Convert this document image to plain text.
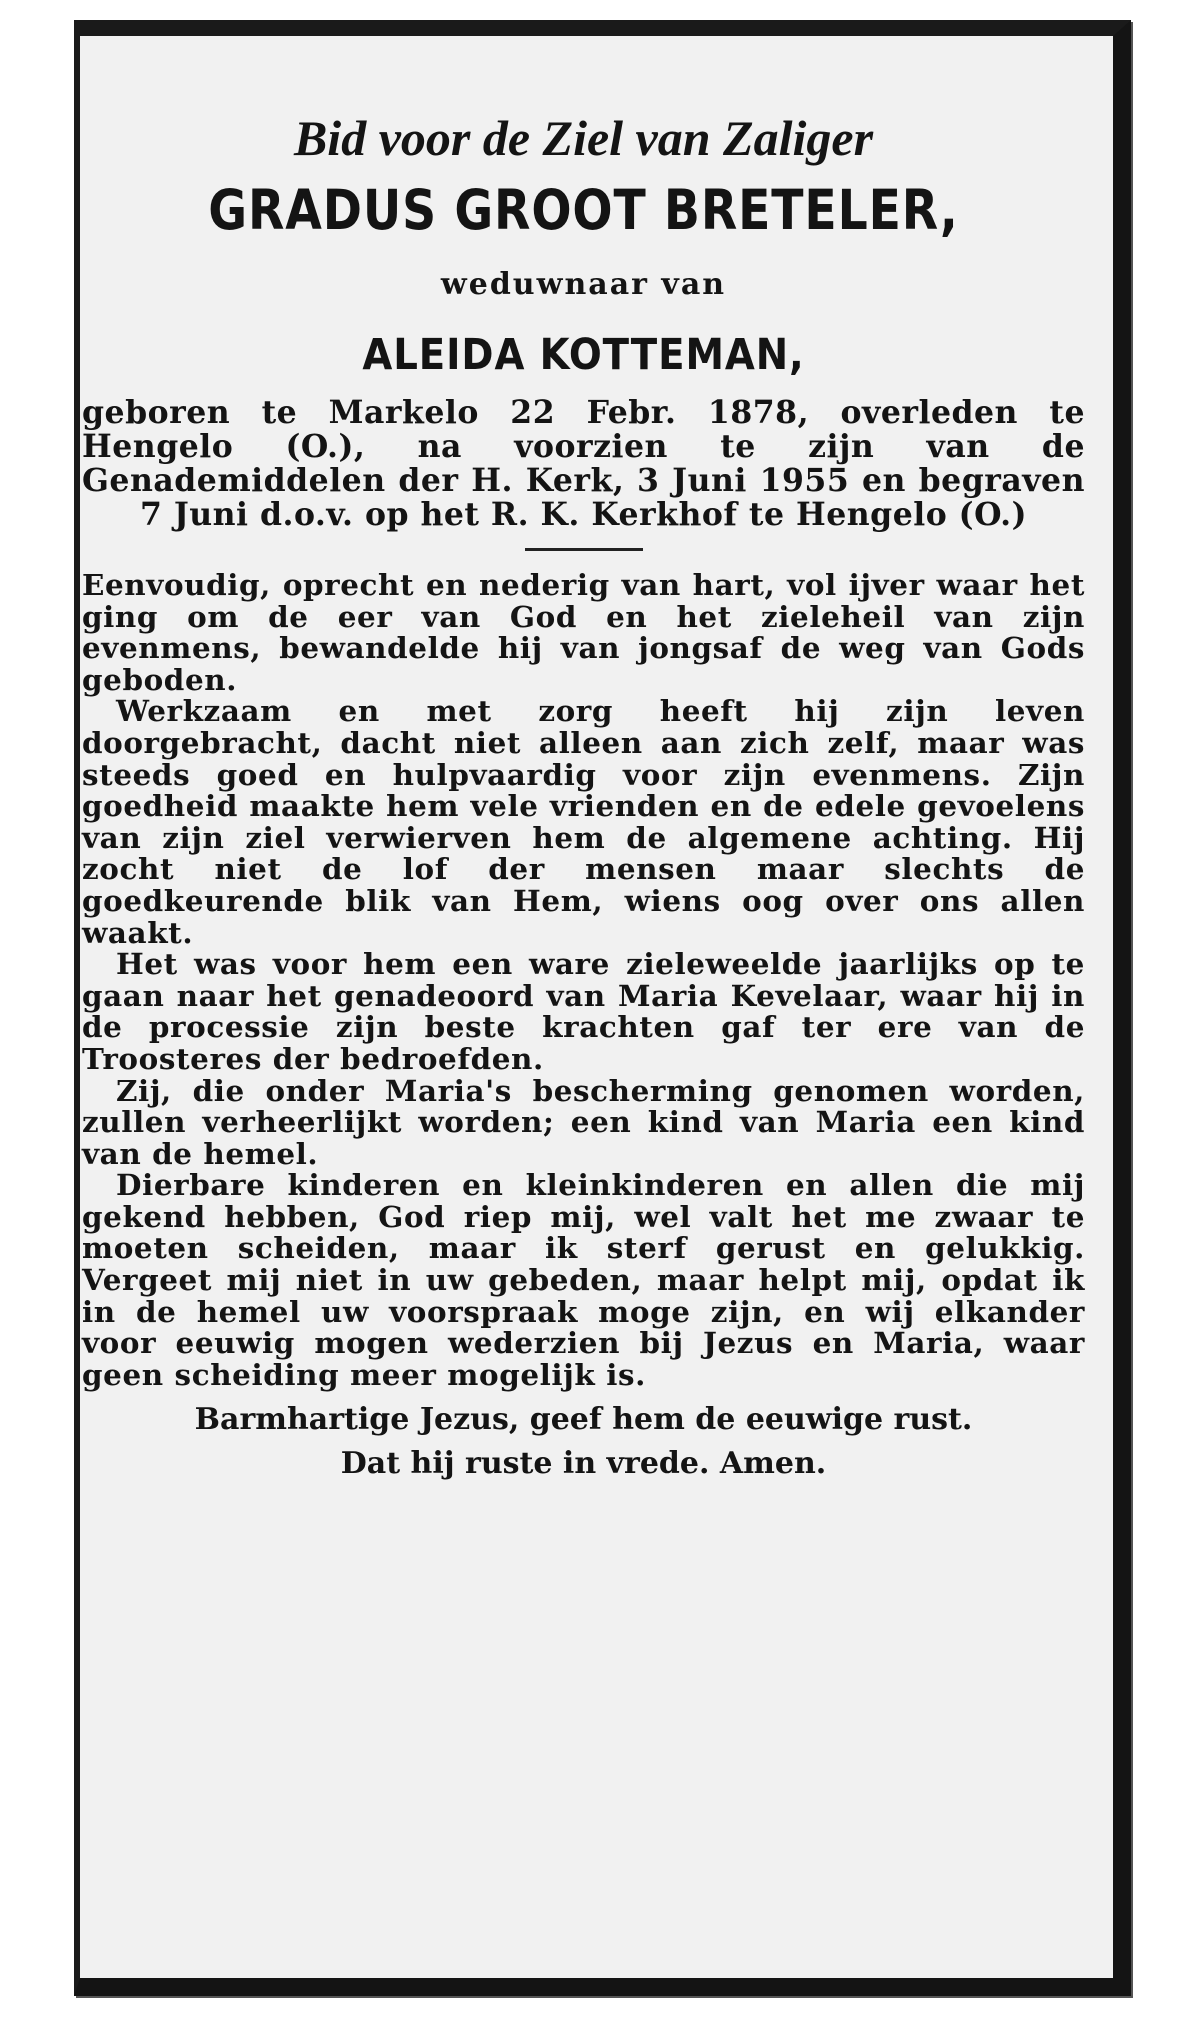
Bid voor de Ziel van Zaliger

GRADUS GROOT BRETELER,

weduwnaar van

ALEIDA KOTTEMAN,

geboren te Markelo 22 Febr. 1878, overleden te Hengelo (O.), na voorzien te zijn van de Genademiddelen der H. Kerk, 3 Juni 1955 en begraven 7 Juni d.o.v. op het R. K. Kerkhof te Hengelo (O.)

Eenvoudig, oprecht en nederig van hart, vol ijver waar het ging om de eer van God en het zieleheil van zijn evenmens, bewandelde hij van jongsaf de weg van Gods geboden.

Werkzaam en met zorg heeft hij zijn leven doorgebracht, dacht niet alleen aan zich zelf, maar was steeds goed en hulpvaardig voor zijn evenmens. Zijn goedheid maakte hem vele vrienden en de edele gevoelens van zijn ziel verwierven hem de algemene achting. Hij zocht niet de lof der mensen maar slechts de goedkeurende blik van Hem, wiens oog over ons allen waakt.

Het was voor hem een ware zieleweelde jaarlijks op te gaan naar het genadeoord van Maria Kevelaar, waar hij in de processie zijn beste krachten gaf ter ere van de Troosteres der bedroefden.

Zij, die onder Maria's bescherming genomen worden, zullen verheerlijkt worden; een kind van Maria een kind van de hemel.

Dierbare kinderen en kleinkinderen en allen die mij gekend hebben, God riep mij, wel valt het me zwaar te moeten scheiden, maar ik sterf gerust en gelukkig. Vergeet mij niet in uw gebeden, maar helpt mij, opdat ik in de hemel uw voorspraak moge zijn, en wij elkander voor eeuwig mogen wederzien bij Jezus en Maria, waar geen scheiding meer mogelijk is.

Barmhartige Jezus, geef hem de eeuwige rust.

Dat hij ruste in vrede. Amen.
